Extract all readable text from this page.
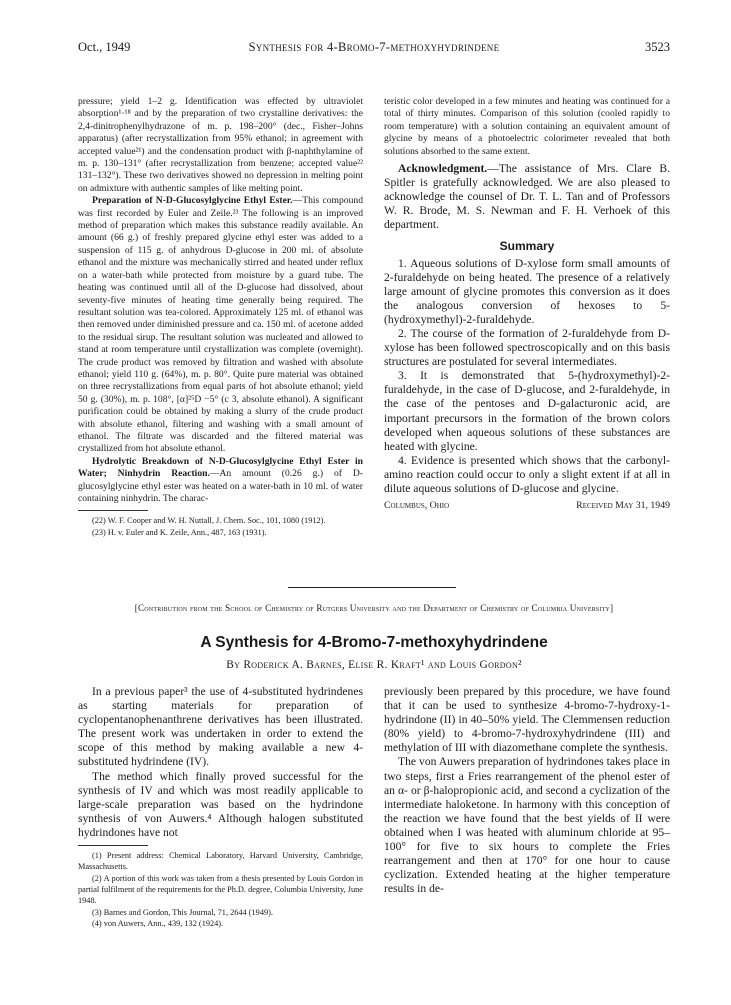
Oct., 1949	Synthesis for 4-Bromo-7-methoxyhydrindene	3523

pressure; yield 1–2 g. Identification was effected by ultraviolet absorption¹·¹⁸ and by the preparation of two crystalline derivatives: the 2,4-dinitrophenylhydrazone of m. p. 198–200° (dec., Fisher–Johns apparatus) (after recrystallization from 95% ethanol; in agreement with accepted value²¹) and the condensation product with β-naphthylamine of m. p. 130–131° (after recrystallization from benzene; accepted value²² 131–132°). These two derivatives showed no depression in melting point on admixture with authentic samples of like melting point.

Preparation of N-D-Glucosylglycine Ethyl Ester.—This compound was first recorded by Euler and Zeile.²³ The following is an improved method of preparation which makes this substance readily available. An amount (66 g.) of freshly prepared glycine ethyl ester was added to a suspension of 115 g. of anhydrous D-glucose in 200 ml. of absolute ethanol and the mixture was mechanically stirred and heated under reflux on a water-bath while protected from moisture by a guard tube. The heating was continued until all of the D-glucose had dissolved, about seventy-five minutes of heating time generally being required. The resultant solution was tea-colored. Approximately 125 ml. of ethanol was then removed under diminished pressure and ca. 150 ml. of acetone added to the residual sirup. The resultant solution was nucleated and allowed to stand at room temperature until crystallization was complete (overnight). The crude product was removed by filtration and washed with absolute ethanol; yield 110 g. (64%), m. p. 80°. Quite pure material was obtained on three recrystallizations from equal parts of hot absolute ethanol; yield 50 g. (30%), m. p. 108°, [α]²⁵D −5° (c 3, absolute ethanol). A significant purification could be obtained by making a slurry of the crude product with absolute ethanol, filtering and washing with a small amount of ethanol. The filtrate was discarded and the filtered material was crystallized from hot absolute ethanol.

Hydrolytic Breakdown of N-D-Glucosylglycine Ethyl Ester in Water; Ninhydrin Reaction.—An amount (0.26 g.) of D-glucosylglycine ethyl ester was heated on a water-bath in 10 ml. of water containing ninhydrin. The charac-

(22) W. F. Cooper and W. H. Nuttall, J. Chem. Soc., 101, 1080 (1912).

(23) H. v. Euler and K. Zeile, Ann., 487, 163 (1931).

teristic color developed in a few minutes and heating was continued for a total of thirty minutes. Comparison of this solution (cooled rapidly to room temperature) with a solution containing an equivalent amount of glycine by means of a photoelectric colorimeter revealed that both solutions absorbed to the same extent.

Acknowledgment.—The assistance of Mrs. Clare B. Spitler is gratefully acknowledged. We are also pleased to acknowledge the counsel of Dr. T. L. Tan and of Professors W. R. Brode, M. S. Newman and F. H. Verhoek of this department.

Summary

1. Aqueous solutions of D-xylose form small amounts of 2-furaldehyde on being heated. The presence of a relatively large amount of glycine promotes this conversion as it does the analogous conversion of hexoses to 5-(hydroxymethyl)-2-furaldehyde.

2. The course of the formation of 2-furaldehyde from D-xylose has been followed spectroscopically and on this basis structures are postulated for several intermediates.

3. It is demonstrated that 5-(hydroxymethyl)-2-furaldehyde, in the case of D-glucose, and 2-furaldehyde, in the case of the pentoses and D-galacturonic acid, are important precursors in the formation of the brown colors developed when aqueous solutions of these substances are heated with glycine.

4. Evidence is presented which shows that the carbonyl-amino reaction could occur to only a slight extent if at all in dilute aqueous solutions of D-glucose and glycine.

Columbus, Ohio	Received May 31, 1949
[Contribution from the School of Chemistry of Rutgers University and the Department of Chemistry of Columbia University]
A Synthesis for 4-Bromo-7-methoxyhydrindene
By Roderick A. Barnes, Elise R. Kraft¹ and Louis Gordon²

In a previous paper³ the use of 4-substituted hydrindenes as starting materials for preparation of cyclopentanophenanthrene derivatives has been illustrated. The present work was undertaken in order to extend the scope of this method by making available a new 4-substituted hydrindene (IV).

The method which finally proved successful for the synthesis of IV and which was most readily applicable to large-scale preparation was based on the hydrindone synthesis of von Auwers.⁴ Although halogen substituted hydrindones have not

(1) Present address: Chemical Laboratory, Harvard University, Cambridge, Massachusetts.

(2) A portion of this work was taken from a thesis presented by Louis Gordon in partial fulfilment of the requirements for the Ph.D. degree, Columbia University, June 1948.

(3) Barnes and Gordon, This Journal, 71, 2644 (1949).

(4) von Auwers, Ann., 439, 132 (1924).

previously been prepared by this procedure, we have found that it can be used to synthesize 4-bromo-7-hydroxy-1-hydrindone (II) in 40–50% yield. The Clemmensen reduction (80% yield) to 4-bromo-7-hydroxyhydrindene (III) and methylation of III with diazomethane complete the synthesis.

The von Auwers preparation of hydrindones takes place in two steps, first a Fries rearrangement of the phenol ester of an α- or β-halopropionic acid, and second a cyclization of the intermediate haloketone. In harmony with this conception of the reaction we have found that the best yields of II were obtained when I was heated with aluminum chloride at 95–100° for five to six hours to complete the Fries rearrangement and then at 170° for one hour to cause cyclization. Extended heating at the higher temperature results in de-
